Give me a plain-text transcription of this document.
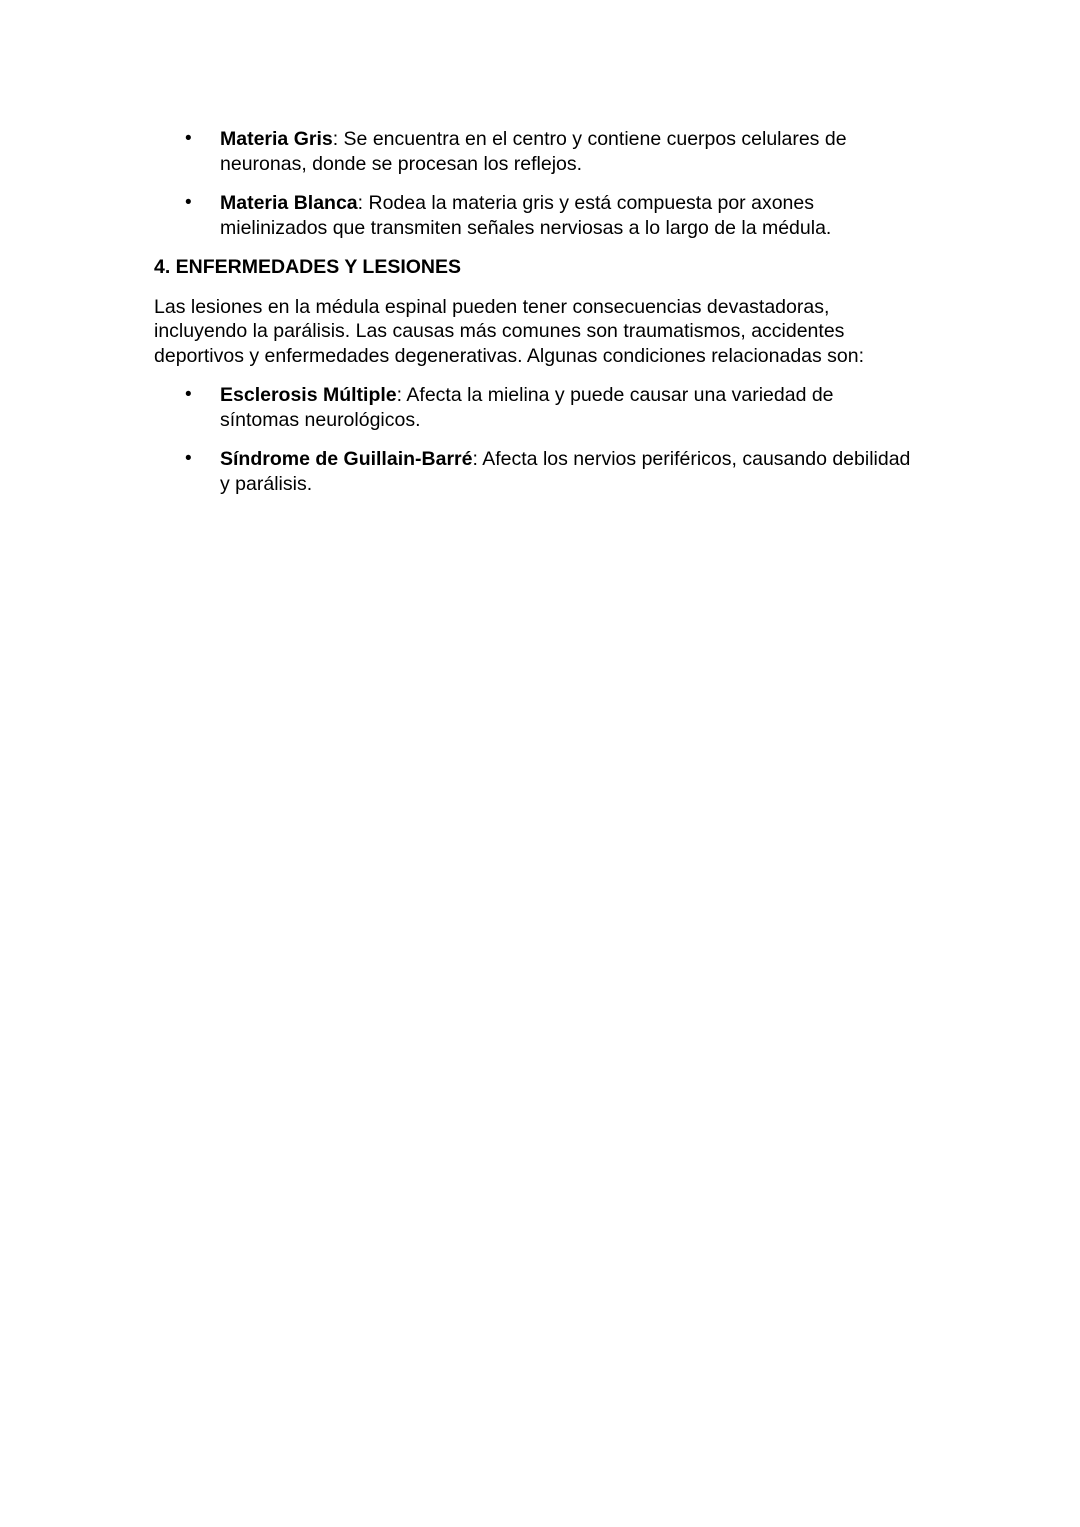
• Materia Gris: Se encuentra en el centro y contiene cuerpos celulares de neuronas, donde se procesan los reflejos.
• Materia Blanca: Rodea la materia gris y está compuesta por axones mielinizados que transmiten señales nerviosas a lo largo de la médula.
4. ENFERMEDADES Y LESIONES

Las lesiones en la médula espinal pueden tener consecuencias devastadoras, incluyendo la parálisis. Las causas más comunes son traumatismos, accidentes deportivos y enfermedades degenerativas. Algunas condiciones relacionadas son:

• Esclerosis Múltiple: Afecta la mielina y puede causar una variedad de síntomas neurológicos.
• Síndrome de Guillain-Barré: Afecta los nervios periféricos, causando debilidad y parálisis.
